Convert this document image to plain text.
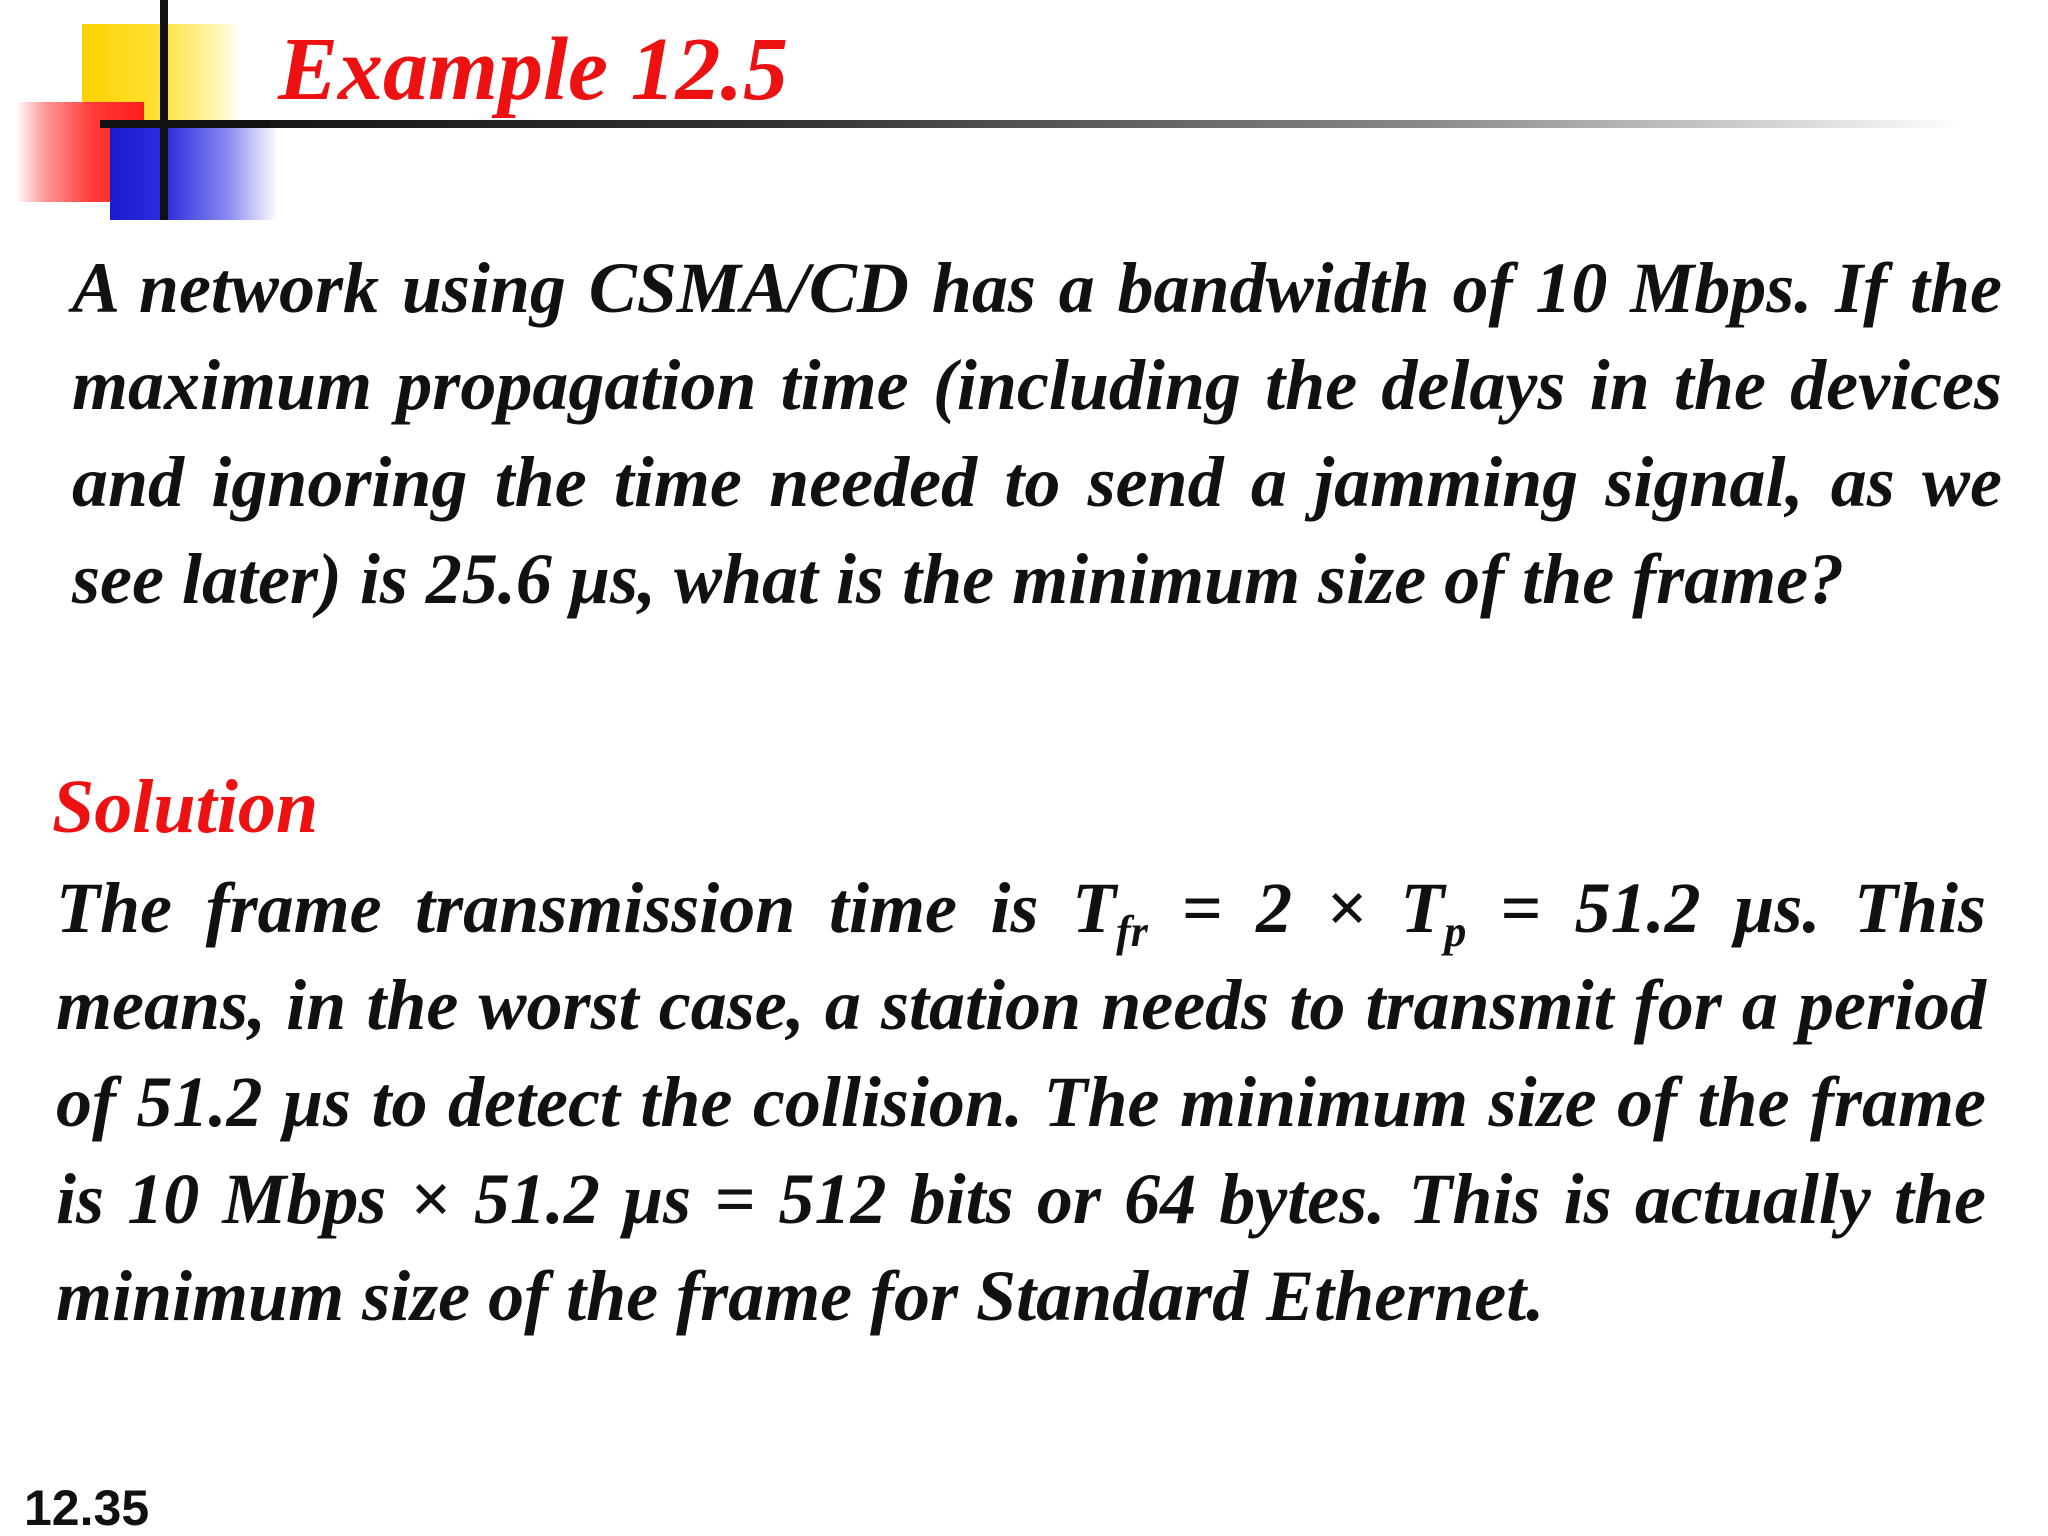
Example 12.5

A network using CSMA/CD has a bandwidth of 10 Mbps. If the maximum propagation time (including the delays in the devices and ignoring the time needed to send a jamming signal, as we see later) is 25.6 μs, what is the minimum size of the frame?

Solution

The frame transmission time is $T_{fr} = 2 \times T_p = 51.2$ μs. This means, in the worst case, a station needs to transmit for a period of 51.2 μs to detect the collision. The minimum size of the frame is 10 Mbps × 51.2 μs = 512 bits or 64 bytes. This is actually the minimum size of the frame for Standard Ethernet.

12.35
